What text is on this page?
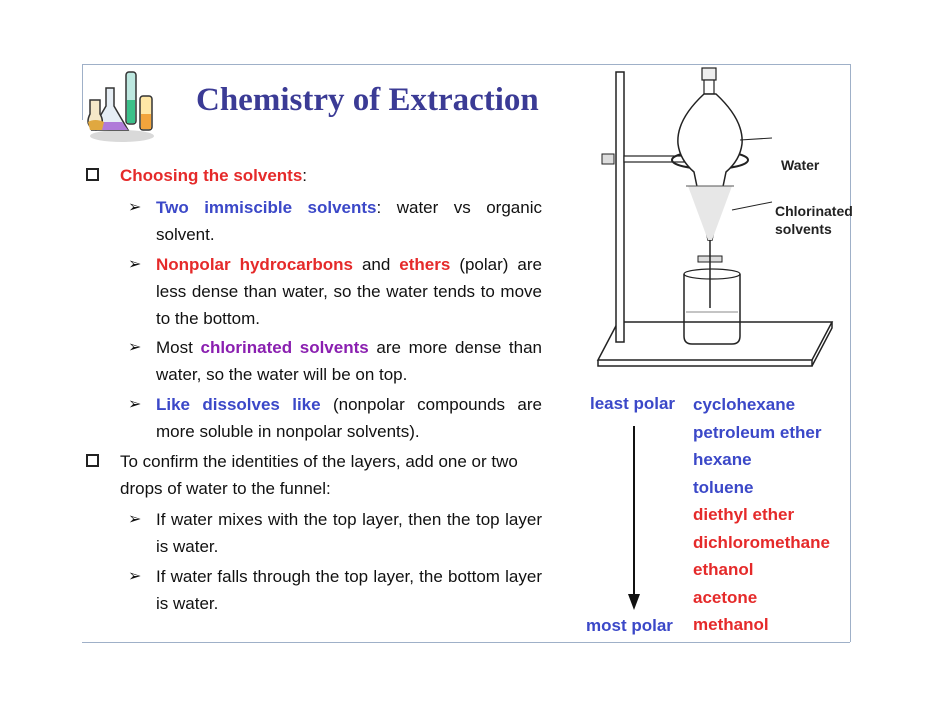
Chemistry of Extraction
Choosing the solvents:
➢ Two immiscible solvents: water vs organic solvent.
➢ Nonpolar hydrocarbons and ethers (polar) are less dense than water, so the water tends to move to the bottom.
➢ Most chlorinated solvents are more dense than water, so the water will be on top.
➢ Like dissolves like (nonpolar compounds are more soluble in nonpolar solvents).
To confirm the identities of the layers, add one or two drops of water to the funnel:
➢ If water mixes with the top layer, then the top layer is water.
➢ If water falls through the top layer, the bottom layer is water.
Water
Chlorinated
solvents
least polar
most polar
cyclohexane
petroleum ether
hexane
toluene
diethyl ether
dichloromethane
ethanol
acetone
methanol
